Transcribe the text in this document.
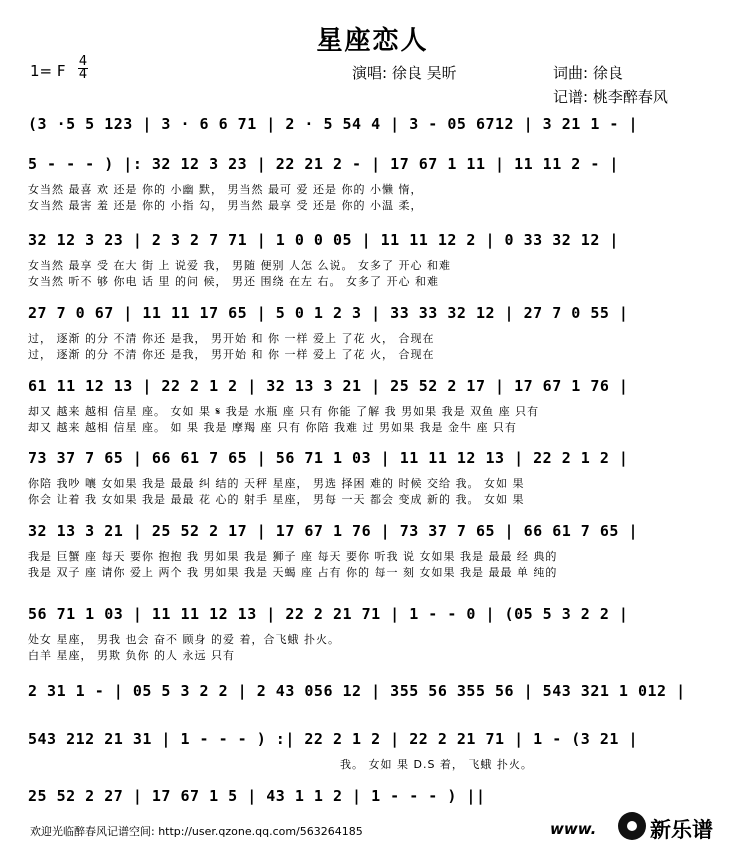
星座恋人
1= F
4
4	演唱: 徐良 吴昕	词曲: 徐良
记谱: 桃李醉春风
(3 ·5 5 123 | 3 · 6 6 71 | 2 · 5 54 4 | 3 - 05 6712 | 3 21 1 - |
5 - - - ) |: 32 12 3 23 | 22 21 2 - | 17 67 1 11 | 11 11 2 - |
女当然 最喜 欢 还是 你的 小幽 默， 男当然 最可 爱 还是 你的 小懒 惰，
女当然 最害 羞 还是 你的 小指 勾， 男当然 最享 受 还是 你的 小温 柔，
32 12 3 23 | 2 3 2 7 71 | 1 0 0 05 | 11 11 12 2 | 0 33 32 12 |
女当然 最享 受 在大 街 上 说爱 我， 男随 便别 人怎 么说。 女多了 开心 和难
女当然 听不 够 你电 话 里 的问 候， 男还 围绕 在左 右。 女多了 开心 和难
27 7 0 67 | 11 11 17 65 | 5 0 1 2 3 | 33 33 32 12 | 27 7 0 55 |
过， 逐渐 的分 不清 你还 是我， 男开始 和 你 一样 爱上 了花 火， 合现在
过， 逐渐 的分 不清 你还 是我， 男开始 和 你 一样 爱上 了花 火， 合现在
61 11 12 13 | 22 2 1 2 | 32 13 3 21 | 25 52 2 17 | 17 67 1 76 |
却又 越来 越相 信星 座。 女如 果 𝄋 我是 水瓶 座 只有 你能 了解 我 男如果 我是 双鱼 座 只有
却又 越来 越相 信星 座。 如 果 我是 摩羯 座 只有 你陪 我难 过 男如果 我是 金牛 座 只有
73 37 7 65 | 66 61 7 65 | 56 71 1 03 | 11 11 12 13 | 22 2 1 2 |
你陪 我吵 嚷 女如果 我是 最最 纠 结的 天秤 星座， 男选 择困 难的 时候 交给 我。 女如 果
你会 让着 我 女如果 我是 最最 花 心的 射手 星座， 男每 一天 都会 变成 新的 我。 女如 果
32 13 3 21 | 25 52 2 17 | 17 67 1 76 | 73 37 7 65 | 66 61 7 65 |
我是 巨蟹 座 每天 要你 抱抱 我 男如果 我是 狮子 座 每天 要你 听我 说 女如果 我是 最最 经 典的
我是 双子 座 请你 爱上 两个 我 男如果 我是 天蝎 座 占有 你的 每一 刻 女如果 我是 最最 单 纯的
56 71 1 03 | 11 11 12 13 | 22 2 21 71 | 1 - - 0 | (05 5 3 2 2 |
处女 星座， 男我 也会 奋不 顾身 的爱 着，合飞蛾 扑火。
白羊 星座， 男欺 负你 的人 永远 只有
2 31 1 - | 05 5 3 2 2 | 2 43 056 12 | 355 56 355 56 | 543 321 1 012 |
543 212 21 31 | 1 - - - ) :| 22 2 1 2 | 22 2 21 71 | 1 - (3 21 |
我。 女如 果 D.S 着， 飞蛾 扑火。
25 52 2 27 | 17 67 1 5 | 43 1 1 2 | 1 - - - ) ||
欢迎光临醉春风记谱空间: http://user.qzone.qq.com/563264185	www.	新乐谱
